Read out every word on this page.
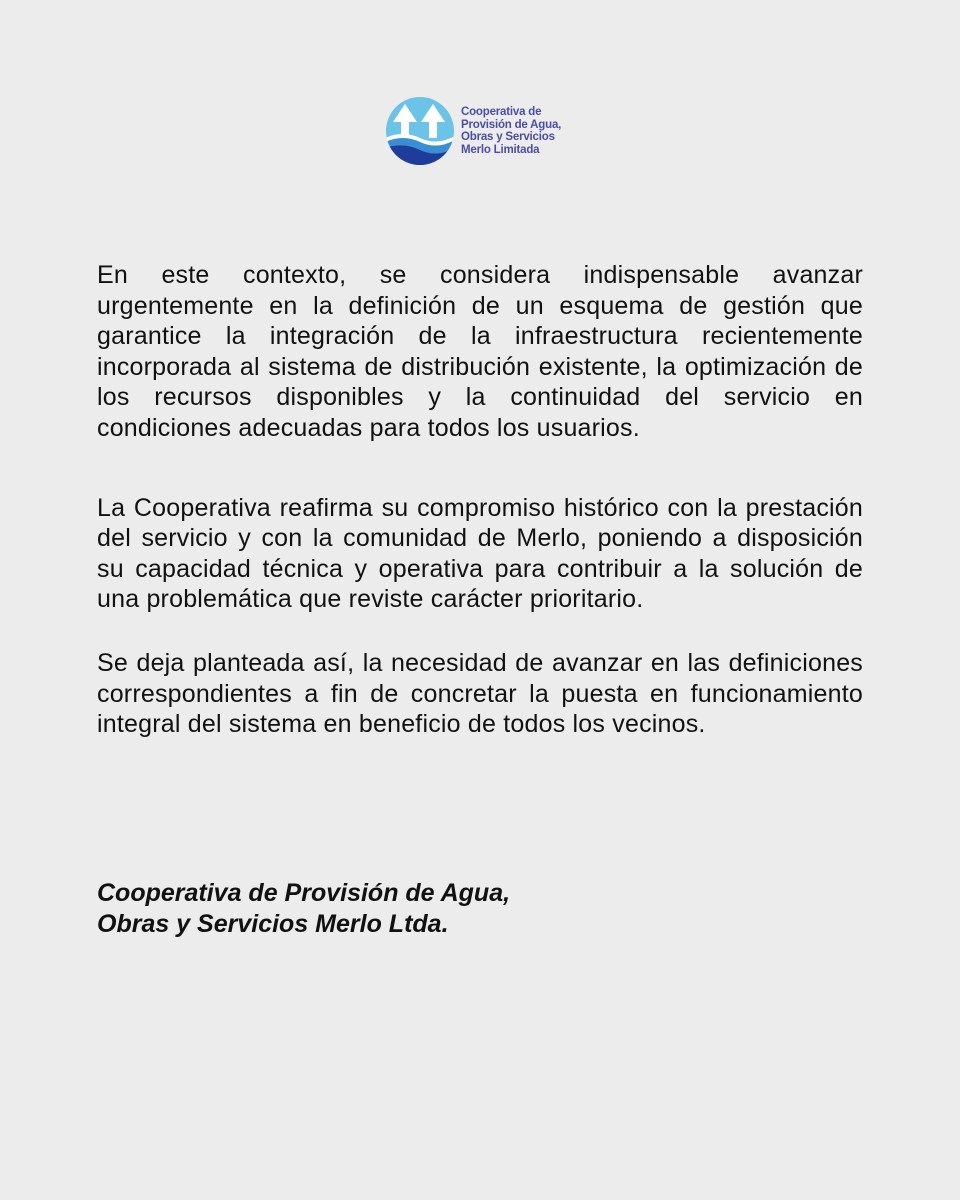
Cooperativa de
Provisión de Agua,
Obras y Servicios
Merlo Limitada

En este contexto, se considera indispensable avanzar urgentemente en la definición de un esquema de gestión que garantice la integración de la infraestructura recientemente incorporada al sistema de distribución existente, la optimización de los recursos disponibles y la continuidad del servicio en condiciones adecuadas para todos los usuarios.

La Cooperativa reafirma su compromiso histórico con la prestación del servicio y con la comunidad de Merlo, poniendo a disposición su capacidad técnica y operativa para contribuir a la solución de una problemática que reviste carácter prioritario.

Se deja planteada así, la necesidad de avanzar en las definiciones correspondientes a fin de concretar la puesta en funcionamiento integral del sistema en beneficio de todos los vecinos.

Cooperativa de Provisión de Agua,
Obras y Servicios Merlo Ltda.
